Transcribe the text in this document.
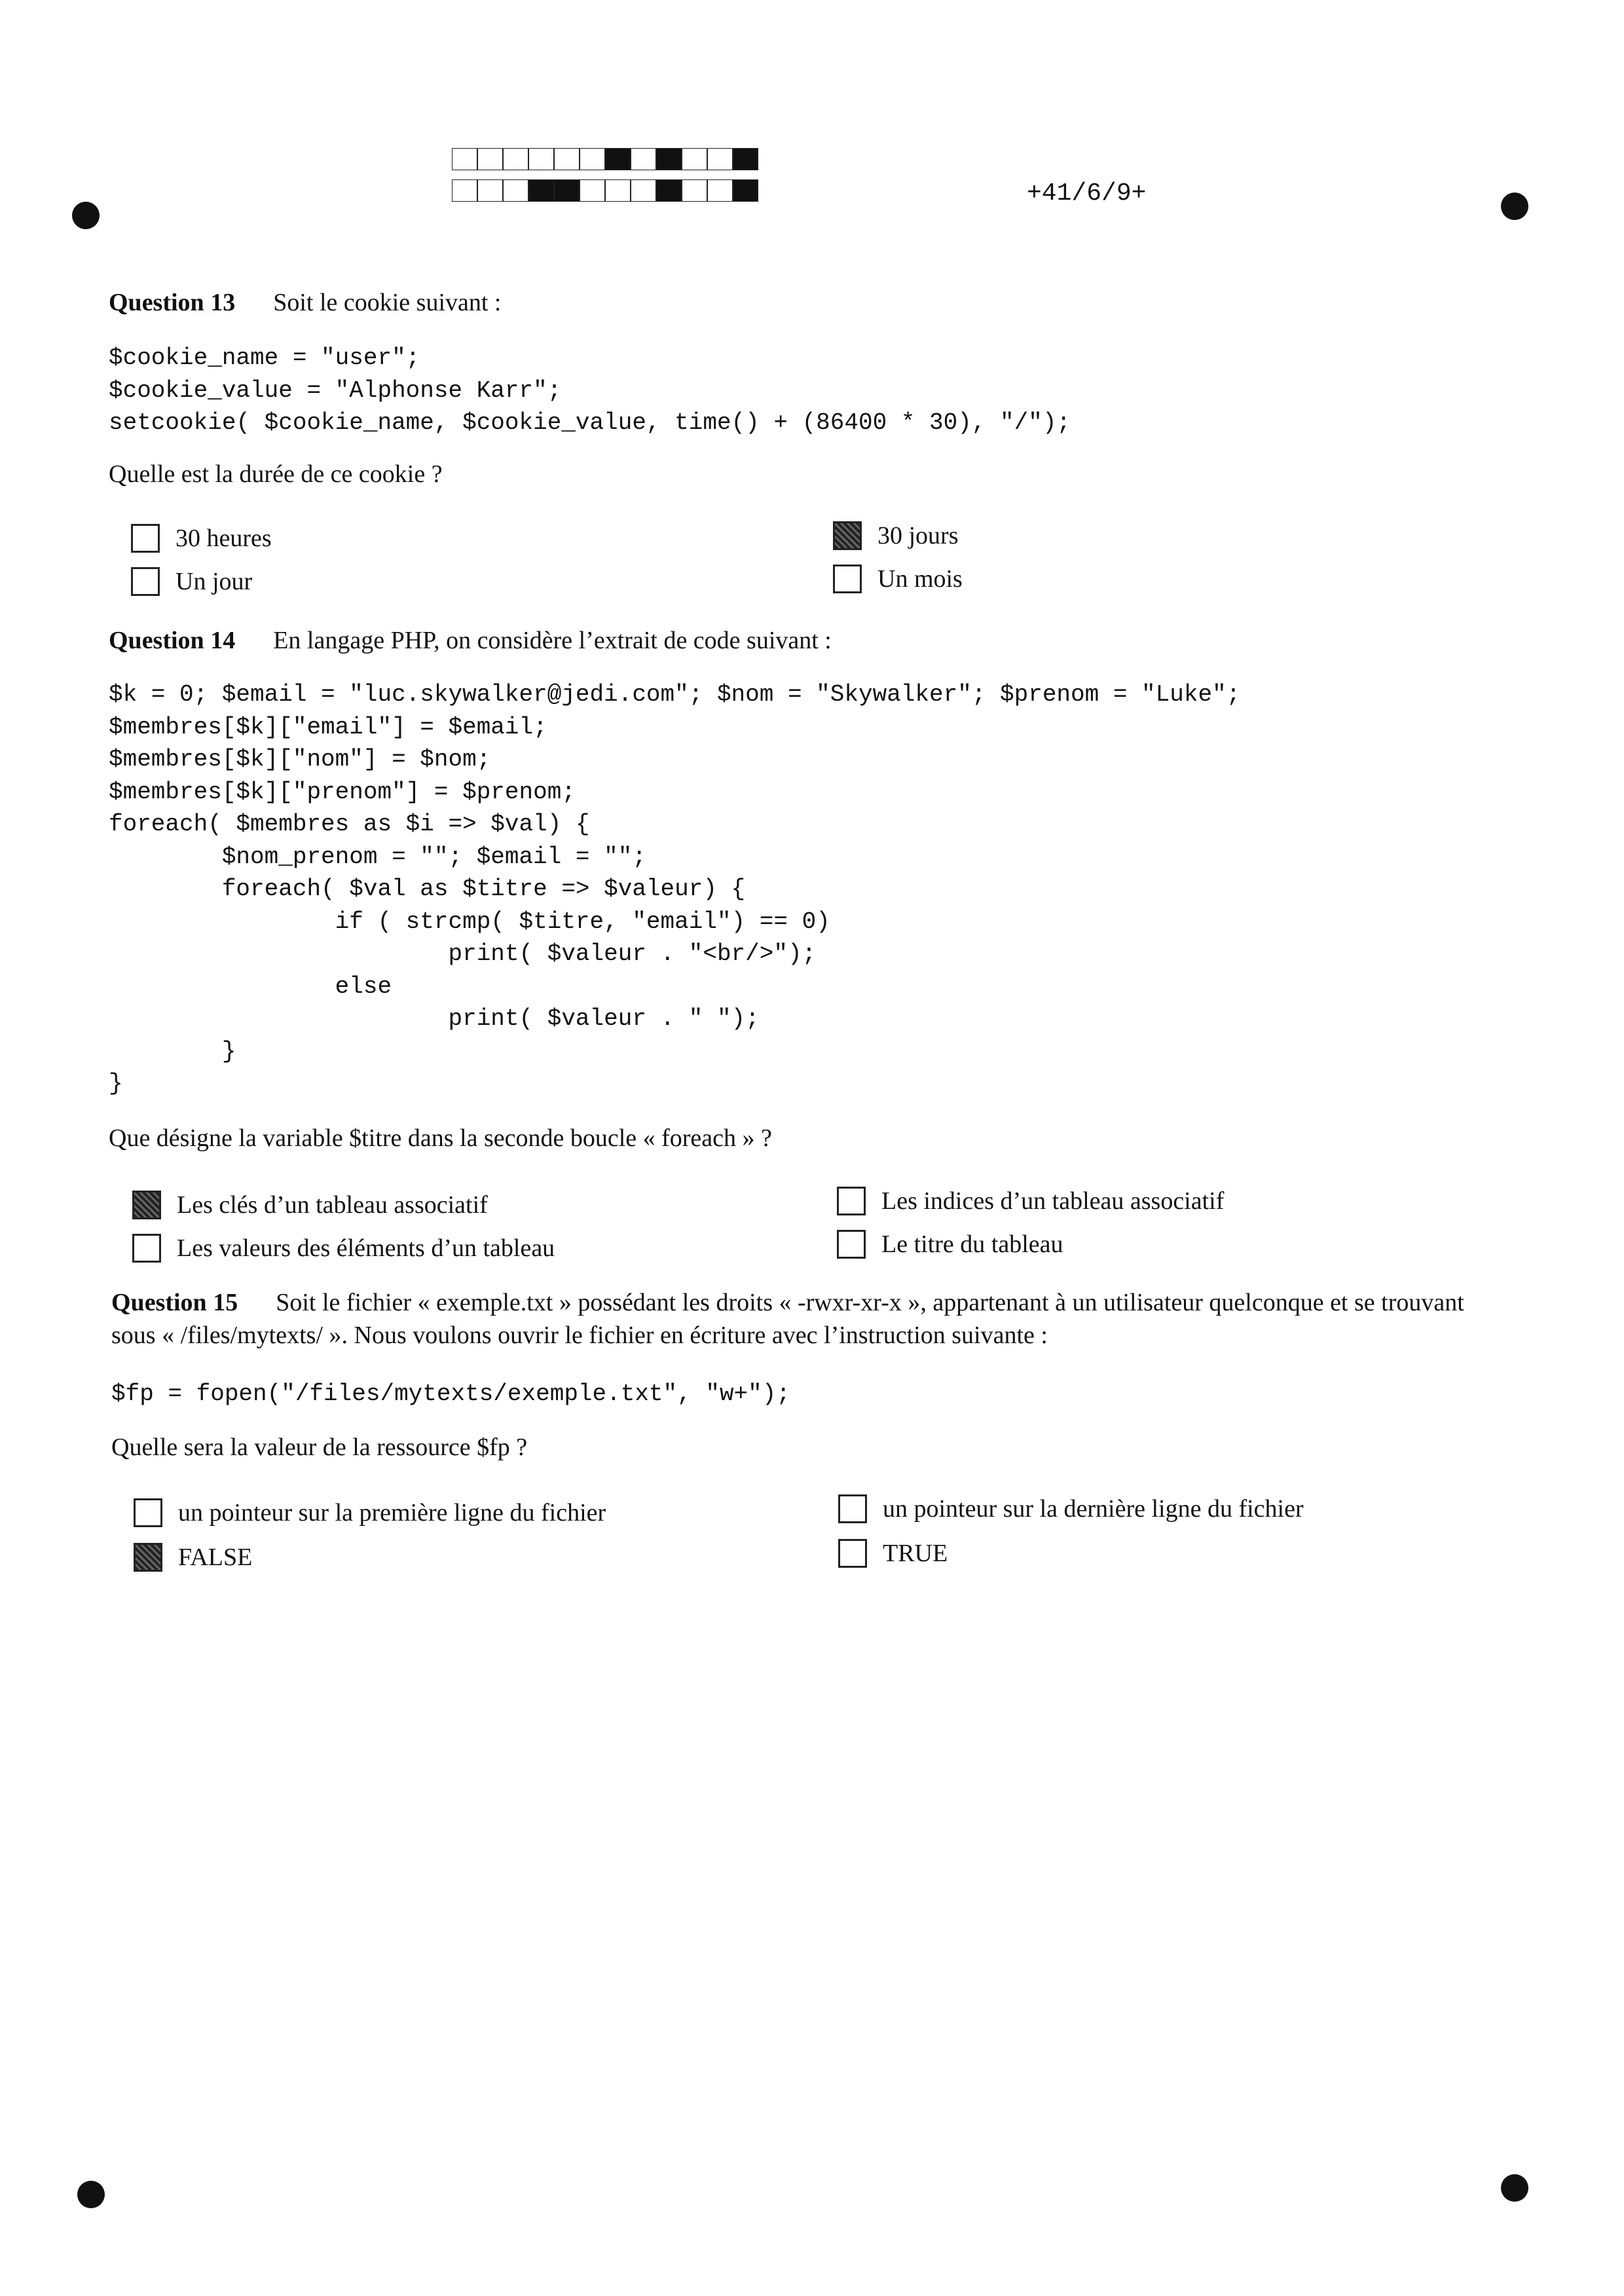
+41/6/9+
Question 13 Soit le cookie suivant :
$cookie_name = "user";
$cookie_value = "Alphonse Karr";
setcookie( $cookie_name, $cookie_value, time() + (86400 * 30), "/");
Quelle est la durée de ce cookie ?
30 heures
Un jour
30 jours
Un mois
Question 14 En langage PHP, on considère l’extrait de code suivant :
$k = 0; $email = "luc.skywalker@jedi.com"; $nom = "Skywalker"; $prenom = "Luke";
$membres[$k]["email"] = $email;
$membres[$k]["nom"] = $nom;
$membres[$k]["prenom"] = $prenom;
foreach( $membres as $i => $val) {
$nom_prenom = ""; $email = "";
foreach( $val as $titre => $valeur) {
if ( strcmp( $titre, "email") == 0)
print( $valeur . "<br/>");
else
print( $valeur . " ");
}
}
Que désigne la variable $titre dans la seconde boucle « foreach » ?
Les clés d’un tableau associatif
Les valeurs des éléments d’un tableau
Les indices d’un tableau associatif
Le titre du tableau
Question 15 Soit le fichier « exemple.txt » possédant les droits « -rwxr-xr-x », appartenant à un utilisateur quelconque et se trouvant sous « /files/mytexts/ ». Nous voulons ouvrir le fichier en écriture avec l’instruction suivante :
$fp = fopen("/files/mytexts/exemple.txt", "w+");
Quelle sera la valeur de la ressource $fp ?
un pointeur sur la première ligne du fichier
FALSE
un pointeur sur la dernière ligne du fichier
TRUE
